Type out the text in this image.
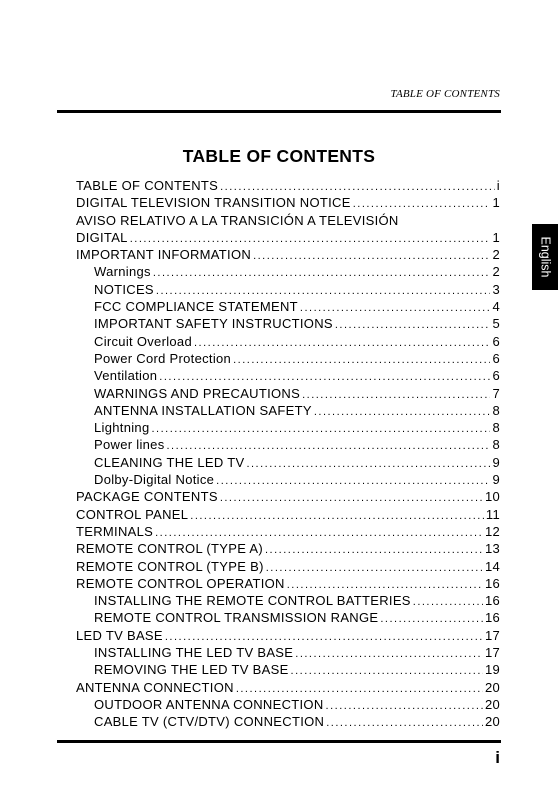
TABLE OF CONTENTS
TABLE OF CONTENTS
TABLE OF CONTENTS .....	i
DIGITAL TELEVISION TRANSITION NOTICE .....	1
AVISO RELATIVO A LA TRANSICIÓN A TELEVISIÓN
DIGITAL .....	1
IMPORTANT INFORMATION .....	2
Warnings .....	2
NOTICES .....	3
FCC COMPLIANCE STATEMENT .....	4
IMPORTANT SAFETY INSTRUCTIONS .....	5
Circuit Overload .....	6
Power Cord Protection .....	6
Ventilation .....	6
WARNINGS AND PRECAUTIONS .....	7
ANTENNA INSTALLATION SAFETY .....	8
Lightning .....	8
Power lines .....	8
CLEANING THE LED TV .....	9
Dolby-Digital Notice .....	9
PACKAGE CONTENTS .....	10
CONTROL PANEL .....	11
TERMINALS .....	12
REMOTE CONTROL (TYPE A) .....	13
REMOTE CONTROL (TYPE B) .....	14
REMOTE CONTROL OPERATION .....	16
INSTALLING THE REMOTE CONTROL BATTERIES .....	16
REMOTE CONTROL TRANSMISSION RANGE .....	16
LED TV BASE .....	17
INSTALLING THE LED TV BASE .....	17
REMOVING THE LED TV BASE .....	19
ANTENNA CONNECTION .....	20
OUTDOOR ANTENNA CONNECTION .....	20
CABLE TV (CTV/DTV) CONNECTION .....	20
English
i
